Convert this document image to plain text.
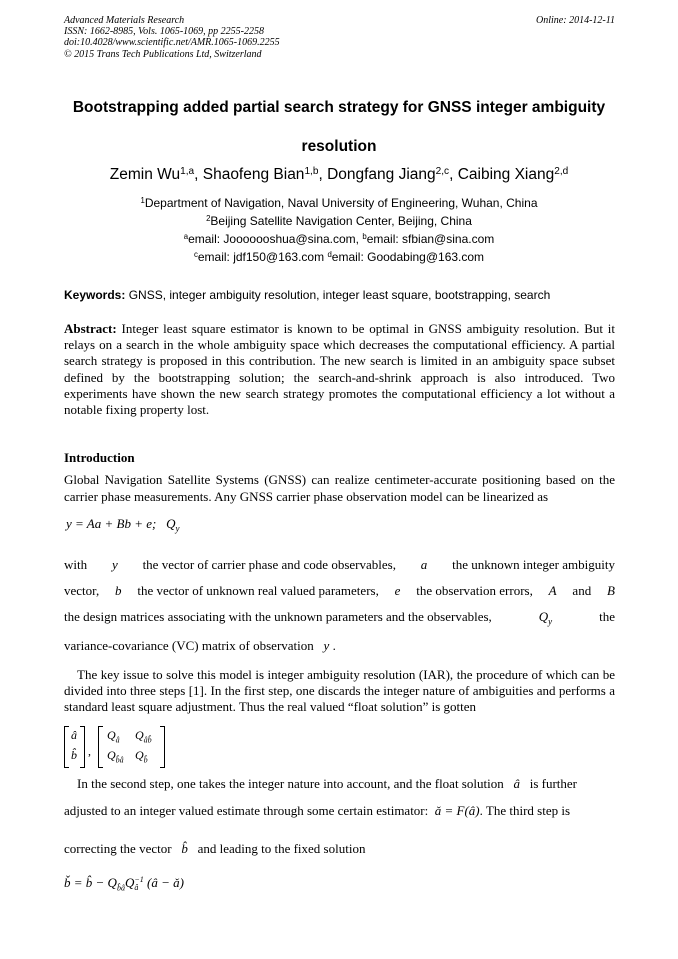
Advanced Materials Research
ISSN: 1662-8985, Vols. 1065-1069, pp 2255-2258
doi:10.4028/www.scientific.net/AMR.1065-1069.2255
© 2015 Trans Tech Publications Ltd, Switzerland
Online: 2014-12-11
Bootstrapping added partial search strategy for GNSS integer ambiguity
resolution
Zemin Wu$^{1,a}$, Shaofeng Bian$^{1,b}$, Dongfang Jiang$^{2,c}$, Caibing Xiang$^{2,d}$
$^1$Department of Navigation, Naval University of Engineering, Wuhan, China
$^2$Beijing Satellite Navigation Center, Beijing, China
$^a$email: Jooooooshua@sina.com, $^b$email: sfbian@sina.com
$^c$email: jdf150@163.com $^d$email: Goodabing@163.com
Keywords: GNSS, integer ambiguity resolution, integer least square, bootstrapping, search
Abstract: Integer least square estimator is known to be optimal in GNSS ambiguity resolution. But it relays on a search in the whole ambiguity space which decreases the computational efficiency. A partial search strategy is proposed in this contribution. The new search is limited in an ambiguity space subset defined by the bootstrapping solution; the search-and-shrink approach is also introduced. Two experiments have shown the new search strategy promotes the computational efficiency a lot without a notable fixing property lost.
Introduction
Global Navigation Satellite Systems (GNSS) can realize centimeter-accurate positioning based on the carrier phase measurements. Any GNSS carrier phase observation model can be linearized as
y = Aa + Bb + e; $Q_y$
with y the vector of carrier phase and code observables, a the unknown integer ambiguity
vector, b the vector of unknown real valued parameters, e the observation errors, A and B
the design matrices associating with the unknown parameters and the observables,	$Q_y$	the
variance-covariance (VC) matrix of observation y .
The key issue to solve this model is integer ambiguity resolution (IAR), the procedure of which can be divided into three steps [1]. In the first step, one discards the integer nature of ambiguities and performs a standard least square adjustment. Thus the real valued “float solution” is gotten
â
b̂ ,
$Q_â$ $Q_{âb̂}$
$Q_{b̂â}$ $Q_{b̂}$
In the second step, one takes the integer nature into account, and the float solution â is further
adjusted to an integer valued estimate through some certain estimator: ǎ = F(â). The third step is
correcting the vector b̂ and leading to the fixed solution
b̌ = b̂ − $Q_{b̂â}Q -1$
â (â − ǎ)
